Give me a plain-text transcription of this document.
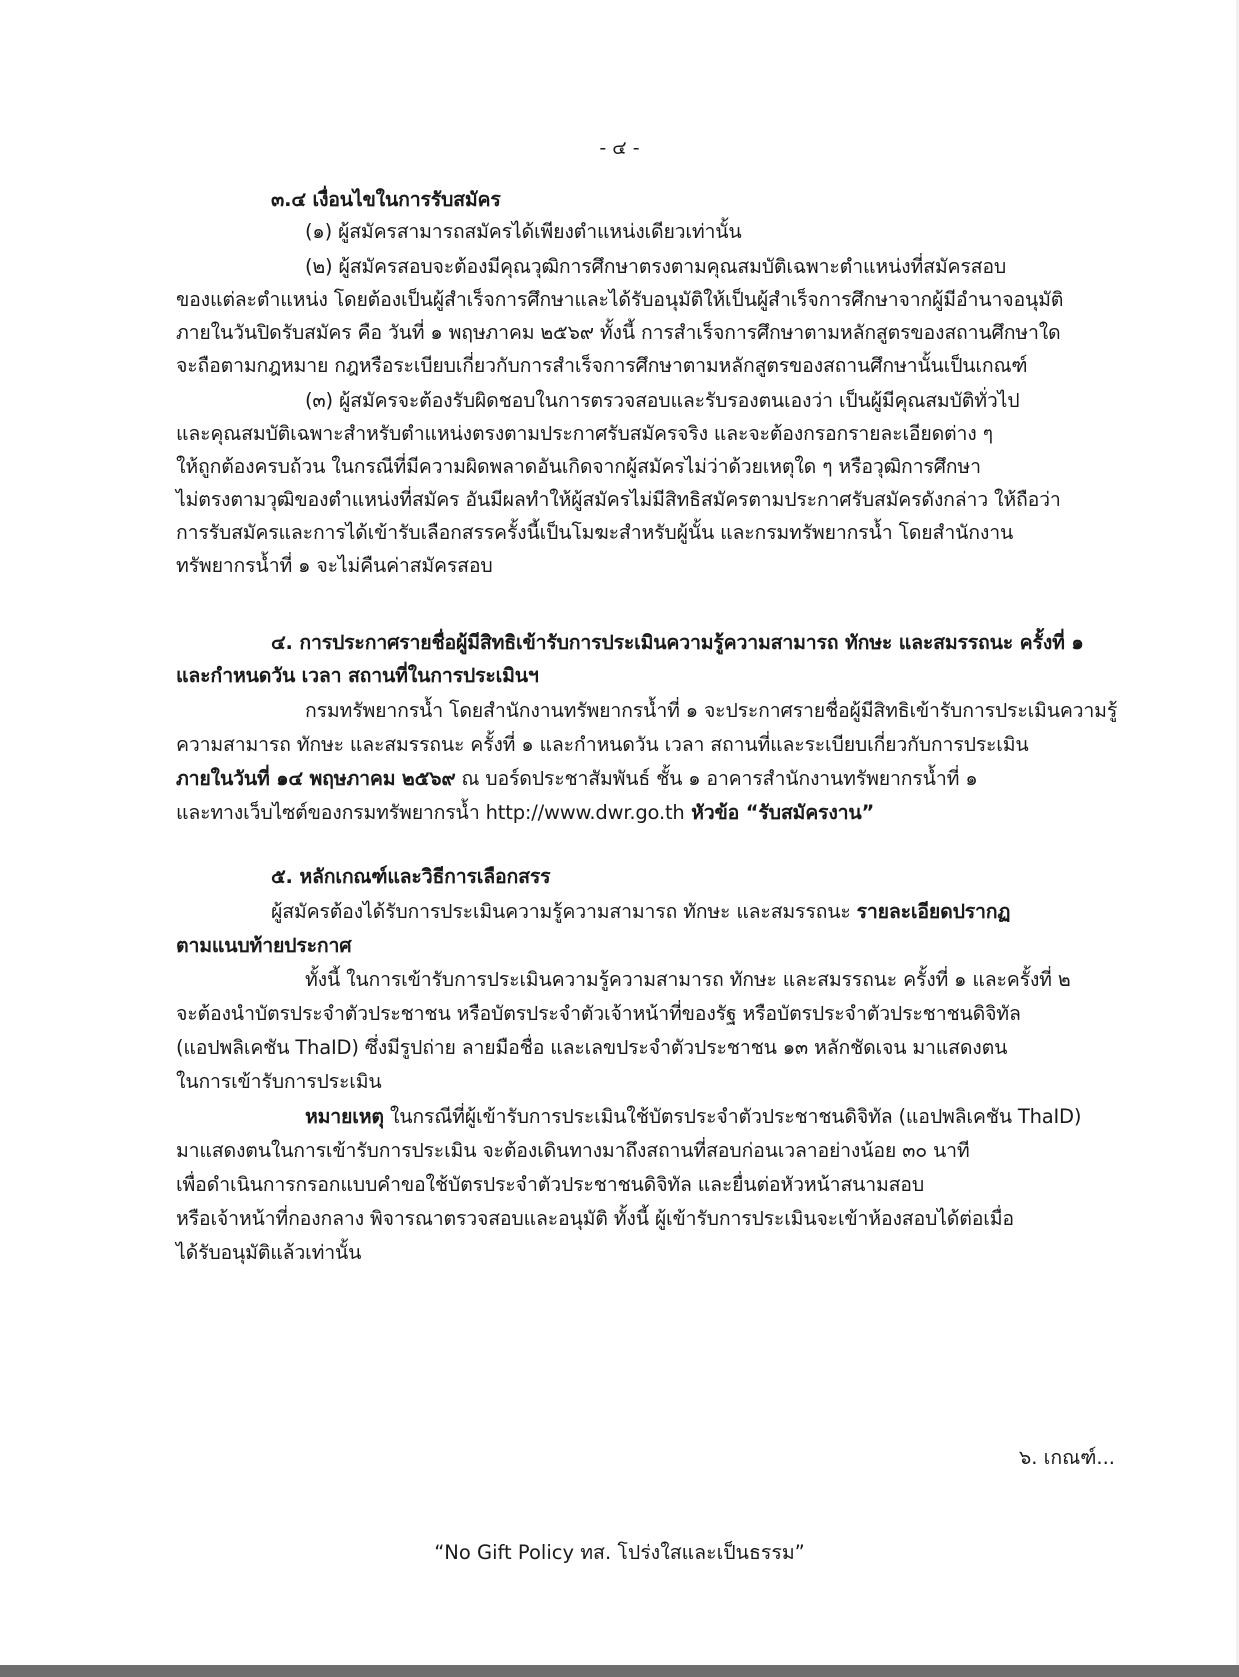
- ๔ -
๓.๔ เงื่อนไขในการรับสมัคร
(๑) ผู้สมัครสามารถสมัครได้เพียงตำแหน่งเดียวเท่านั้น
(๒) ผู้สมัครสอบจะต้องมีคุณวุฒิการศึกษาตรงตามคุณสมบัติเฉพาะตำแหน่งที่สมัครสอบ
ของแต่ละตำแหน่ง โดยต้องเป็นผู้สำเร็จการศึกษาและได้รับอนุมัติให้เป็นผู้สำเร็จการศึกษาจากผู้มีอำนาจอนุมัติ
ภายในวันปิดรับสมัคร คือ วันที่ ๑ พฤษภาคม ๒๕๖๙ ทั้งนี้ การสำเร็จการศึกษาตามหลักสูตรของสถานศึกษาใด
จะถือตามกฎหมาย กฎหรือระเบียบเกี่ยวกับการสำเร็จการศึกษาตามหลักสูตรของสถานศึกษานั้นเป็นเกณฑ์
(๓) ผู้สมัครจะต้องรับผิดชอบในการตรวจสอบและรับรองตนเองว่า เป็นผู้มีคุณสมบัติทั่วไป
และคุณสมบัติเฉพาะสำหรับตำแหน่งตรงตามประกาศรับสมัครจริง และจะต้องกรอกรายละเอียดต่าง ๆ
ให้ถูกต้องครบถ้วน ในกรณีที่มีความผิดพลาดอันเกิดจากผู้สมัครไม่ว่าด้วยเหตุใด ๆ หรือวุฒิการศึกษา
ไม่ตรงตามวุฒิของตำแหน่งที่สมัคร อันมีผลทำให้ผู้สมัครไม่มีสิทธิสมัครตามประกาศรับสมัครดังกล่าว ให้ถือว่า
การรับสมัครและการได้เข้ารับเลือกสรรครั้งนี้เป็นโมฆะสำหรับผู้นั้น และกรมทรัพยากรน้ำ โดยสำนักงาน
ทรัพยากรน้ำที่ ๑ จะไม่คืนค่าสมัครสอบ
๔. การประกาศรายชื่อผู้มีสิทธิเข้ารับการประเมินความรู้ความสามารถ ทักษะ และสมรรถนะ ครั้งที่ ๑
และกำหนดวัน เวลา สถานที่ในการประเมินฯ
กรมทรัพยากรน้ำ โดยสำนักงานทรัพยากรน้ำที่ ๑ จะประกาศรายชื่อผู้มีสิทธิเข้ารับการประเมินความรู้
ความสามารถ ทักษะ และสมรรถนะ ครั้งที่ ๑ และกำหนดวัน เวลา สถานที่และระเบียบเกี่ยวกับการประเมิน
ภายในวันที่ ๑๔ พฤษภาคม ๒๕๖๙ ณ บอร์ดประชาสัมพันธ์ ชั้น ๑ อาคารสำนักงานทรัพยากรน้ำที่ ๑
และทางเว็บไซต์ของกรมทรัพยากรน้ำ http://www.dwr.go.th หัวข้อ “รับสมัครงาน”
๕. หลักเกณฑ์และวิธีการเลือกสรร
ผู้สมัครต้องได้รับการประเมินความรู้ความสามารถ ทักษะ และสมรรถนะ รายละเอียดปรากฏ
ตามแนบท้ายประกาศ
ทั้งนี้ ในการเข้ารับการประเมินความรู้ความสามารถ ทักษะ และสมรรถนะ ครั้งที่ ๑ และครั้งที่ ๒
จะต้องนำบัตรประจำตัวประชาชน หรือบัตรประจำตัวเจ้าหน้าที่ของรัฐ หรือบัตรประจำตัวประชาชนดิจิทัล
(แอปพลิเคชัน ThaID) ซึ่งมีรูปถ่าย ลายมือชื่อ และเลขประจำตัวประชาชน ๑๓ หลักชัดเจน มาแสดงตน
ในการเข้ารับการประเมิน
หมายเหตุ ในกรณีที่ผู้เข้ารับการประเมินใช้บัตรประจำตัวประชาชนดิจิทัล (แอปพลิเคชัน ThaID)
มาแสดงตนในการเข้ารับการประเมิน จะต้องเดินทางมาถึงสถานที่สอบก่อนเวลาอย่างน้อย ๓๐ นาที
เพื่อดำเนินการกรอกแบบคำขอใช้บัตรประจำตัวประชาชนดิจิทัล และยื่นต่อหัวหน้าสนามสอบ
หรือเจ้าหน้าที่กองกลาง พิจารณาตรวจสอบและอนุมัติ ทั้งนี้ ผู้เข้ารับการประเมินจะเข้าห้องสอบได้ต่อเมื่อ
ได้รับอนุมัติแล้วเท่านั้น
๖. เกณฑ์...
“No Gift Policy ทส. โปร่งใสและเป็นธรรม”
